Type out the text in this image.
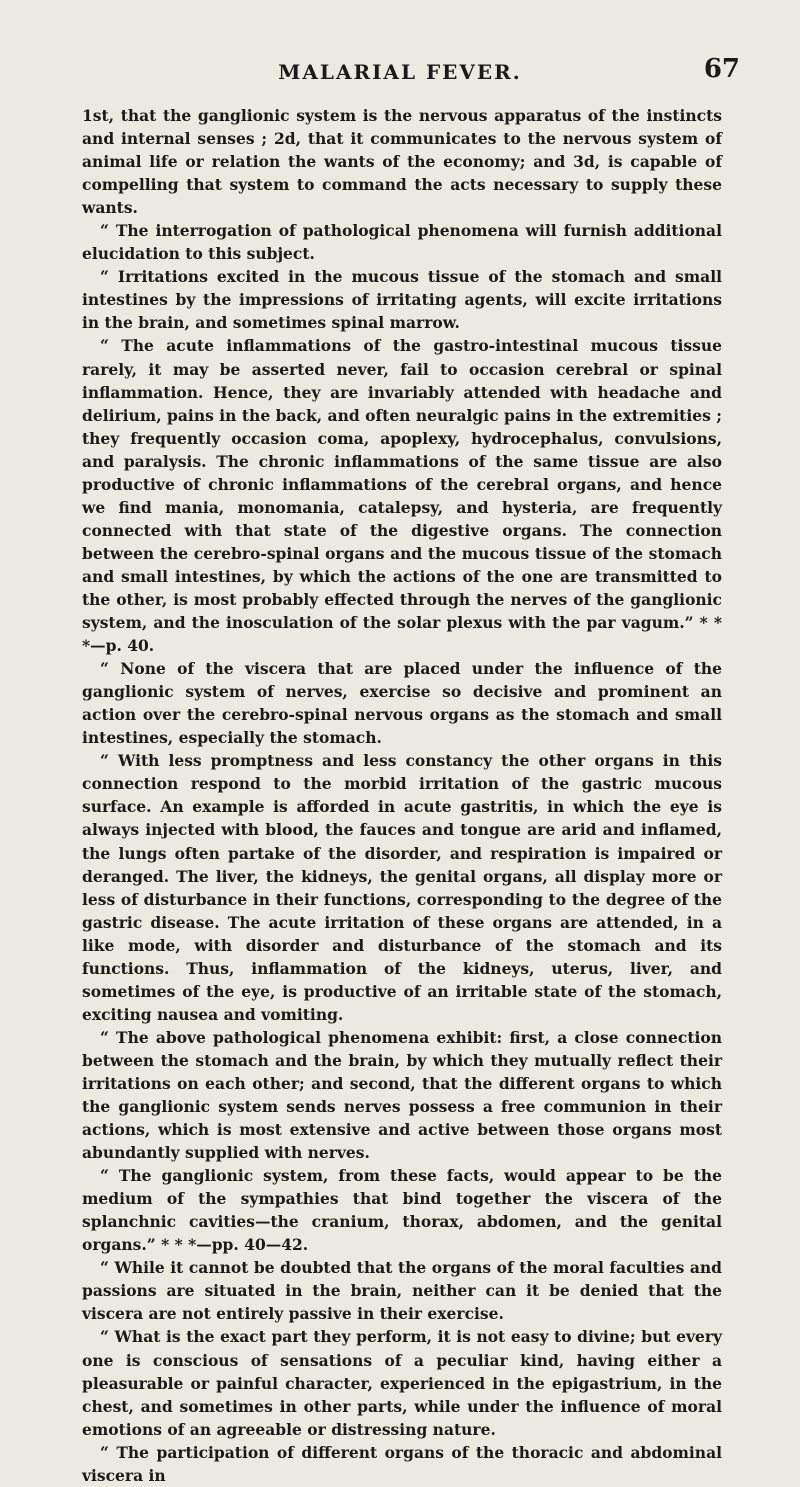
MALARIAL FEVER.	67

1st, that the ganglionic system is the nervous apparatus of the instincts and internal senses ; 2d, that it communicates to the nervous system of animal life or relation the wants of the economy; and 3d, is capable of compelling that system to command the acts necessary to supply these wants.

“ The interrogation of pathological phenomena will furnish additional elucidation to this subject.

“ Irritations excited in the mucous tissue of the stomach and small intestines by the impressions of irritating agents, will excite irritations in the brain, and sometimes spinal marrow.

“ The acute inflammations of the gastro-intestinal mucous tissue rarely, it may be asserted never, fail to occasion cerebral or spinal inflammation. Hence, they are invariably attended with headache and delirium, pains in the back, and often neuralgic pains in the extremities ; they frequently occasion coma, apoplexy, hydrocephalus, convulsions, and paralysis. The chronic inflammations of the same tissue are also productive of chronic inflammations of the cerebral organs, and hence we find mania, monomania, catalepsy, and hysteria, are frequently connected with that state of the digestive organs. The connection between the cerebro-spinal organs and the mucous tissue of the stomach and small intestines, by which the actions of the one are transmitted to the other, is most probably effected through the nerves of the ganglionic system, and the inosculation of the solar plexus with the par vagum.” * * *—p. 40.

“ None of the viscera that are placed under the influence of the ganglionic system of nerves, exercise so decisive and prominent an action over the cerebro-spinal nervous organs as the stomach and small intestines, especially the stomach.

“ With less promptness and less constancy the other organs in this connection respond to the morbid irritation of the gastric mucous surface. An example is afforded in acute gastritis, in which the eye is always injected with blood, the fauces and tongue are arid and inflamed, the lungs often partake of the disorder, and respiration is impaired or deranged. The liver, the kidneys, the genital organs, all display more or less of disturbance in their functions, corresponding to the degree of the gastric disease. The acute irritation of these organs are attended, in a like mode, with disorder and disturbance of the stomach and its functions. Thus, inflammation of the kidneys, uterus, liver, and sometimes of the eye, is productive of an irritable state of the stomach, exciting nausea and vomiting.

“ The above pathological phenomena exhibit: first, a close connection between the stomach and the brain, by which they mutually reflect their irritations on each other; and second, that the different organs to which the ganglionic system sends nerves possess a free communion in their actions, which is most extensive and active between those organs most abundantly supplied with nerves.

“ The ganglionic system, from these facts, would appear to be the medium of the sympathies that bind together the viscera of the splanchnic cavities—the cranium, thorax, abdomen, and the genital organs.” * * *—pp. 40—42.

“ While it cannot be doubted that the organs of the moral faculties and passions are situated in the brain, neither can it be denied that the viscera are not entirely passive in their exercise.

“ What is the exact part they perform, it is not easy to divine; but every one is conscious of sensations of a peculiar kind, having either a pleasurable or painful character, experienced in the epigastrium, in the chest, and sometimes in other parts, while under the influence of moral emotions of an agreeable or distressing nature.

“ The participation of different organs of the thoracic and abdominal viscera in
